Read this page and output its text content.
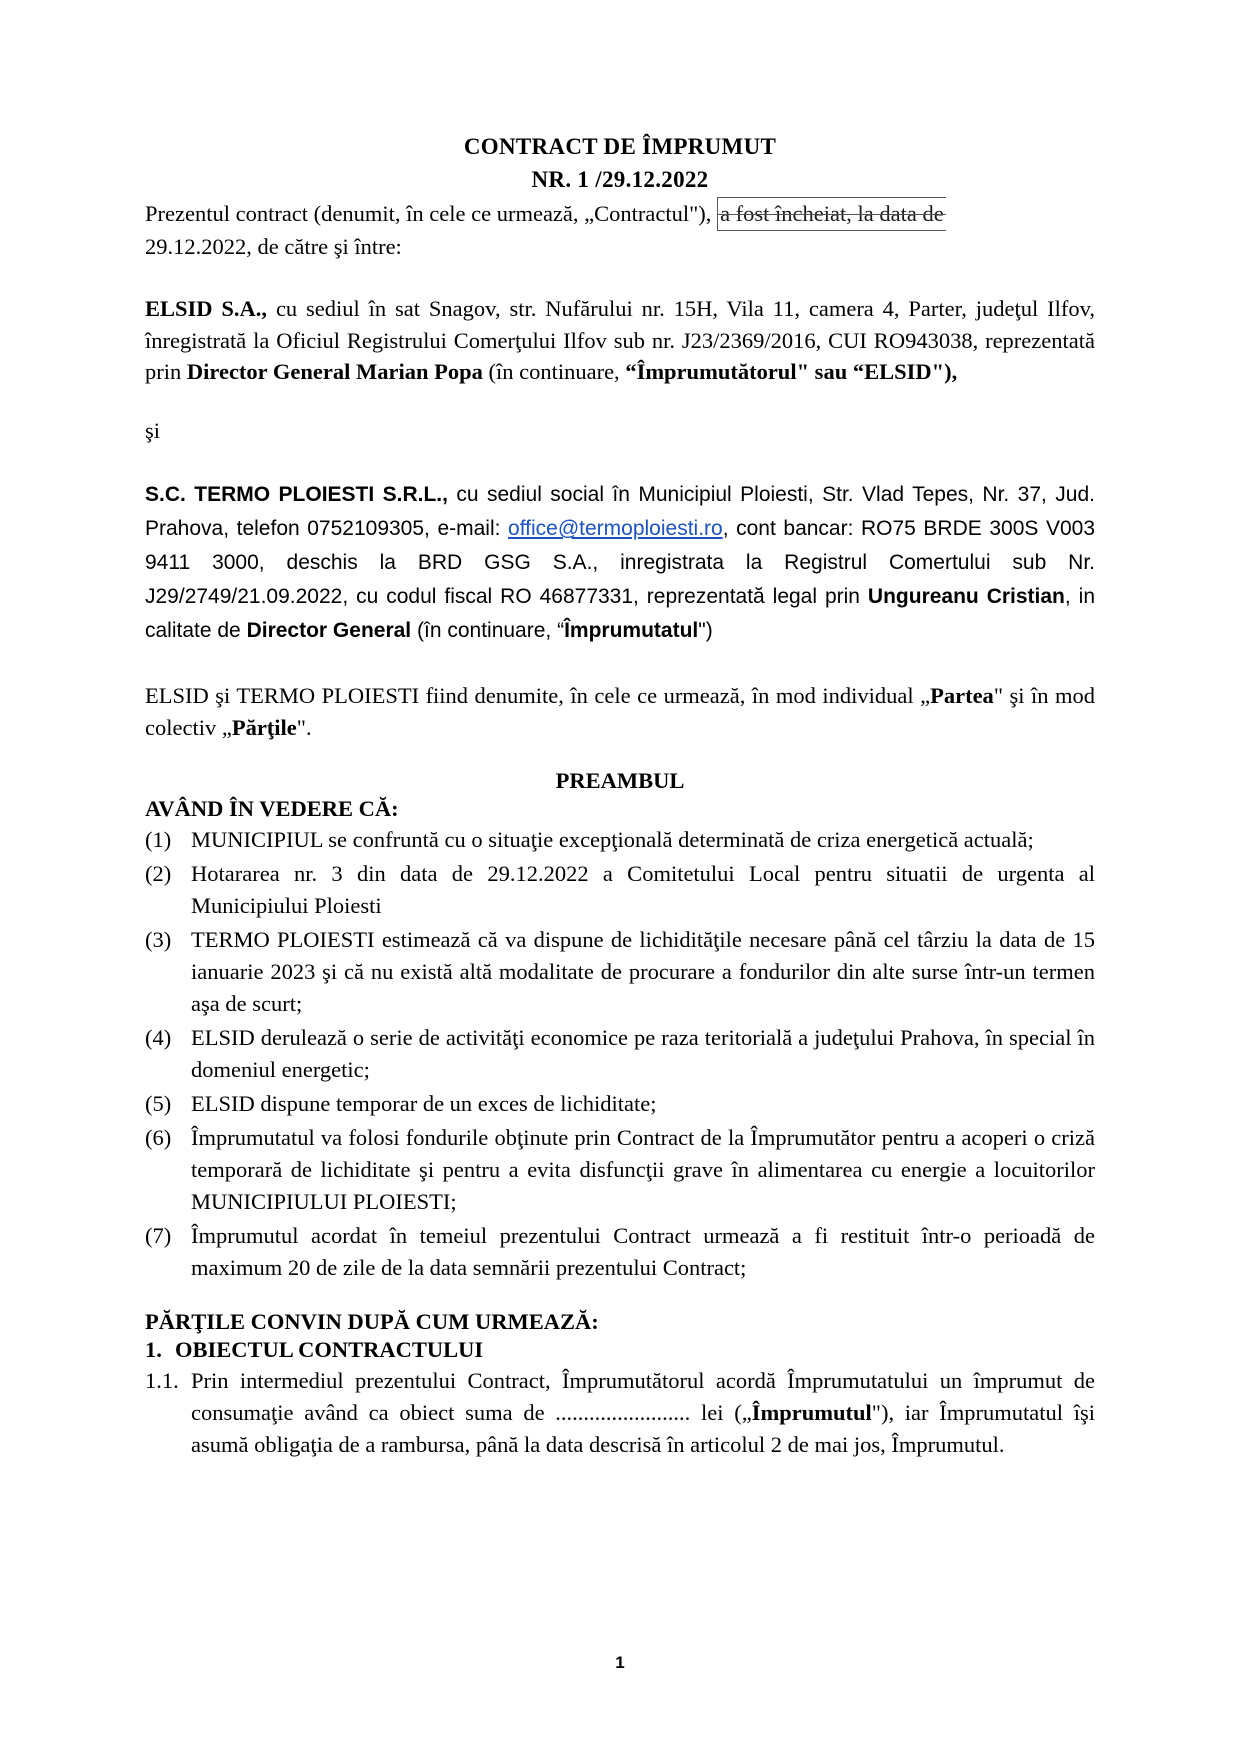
CONTRACT DE ÎMPRUMUT
NR. 1 /29.12.2022

Prezentul contract (denumit, în cele ce urmează, „Contractul"), a fost încheiat, la data de
29.12.2022, de către şi între:

ELSID S.A., cu sediul în sat Snagov, str. Nufărului nr. 15H, Vila 11, camera 4, Parter, judeţul Ilfov, înregistrată la Oficiul Registrului Comerţului Ilfov sub nr. J23/2369/2016, CUI RO943038, reprezentată prin Director General Marian Popa (în continuare, “Împrumutătorul" sau “ELSID"),

şi

S.C. TERMO PLOIESTI S.R.L., cu sediul social în Municipiul Ploiesti, Str. Vlad Tepes, Nr. 37, Jud. Prahova, telefon 0752109305, e-mail: office@termoploiesti.ro, cont bancar: RO75 BRDE 300S V003 9411 3000, deschis la BRD GSG S.A., inregistrata la Registrul Comertului sub Nr. J29/2749/21.09.2022, cu codul fiscal RO 46877331, reprezentată legal prin Ungureanu Cristian, in calitate de Director General (în continuare, “Împrumutatul")

ELSID şi TERMO PLOIESTI fiind denumite, în cele ce urmează, în mod individual „Partea" şi în mod colectiv „Părţile".

PREAMBUL
AVÂND ÎN VEDERE CĂ:
(1) MUNICIPIUL se confruntă cu o situaţie excepţională determinată de criza energetică actuală;
(2) Hotararea nr. 3 din data de 29.12.2022 a Comitetului Local pentru situatii de urgenta al Municipiului Ploiesti
(3) TERMO PLOIESTI estimează că va dispune de lichidităţile necesare până cel târziu la data de 15 ianuarie 2023 şi că nu există altă modalitate de procurare a fondurilor din alte surse într-un termen aşa de scurt;
(4) ELSID derulează o serie de activităţi economice pe raza teritorială a judeţului Prahova, în special în domeniul energetic;
(5) ELSID dispune temporar de un exces de lichiditate;
(6) Împrumutatul va folosi fondurile obţinute prin Contract de la Împrumutător pentru a acoperi o criză temporară de lichiditate şi pentru a evita disfuncţii grave în alimentarea cu energie a locuitorilor MUNICIPIULUI PLOIESTI;
(7) Împrumutul acordat în temeiul prezentului Contract urmează a fi restituit într-o perioadă de maximum 20 de zile de la data semnării prezentului Contract;
PĂRŢILE CONVIN DUPĂ CUM URMEAZĂ:
1. OBIECTUL CONTRACTULUI
1.1. Prin intermediul prezentului Contract, Împrumutătorul acordă Împrumutatului un împrumut de consumaţie având ca obiect suma de ........................ lei („Împrumutul"), iar Împrumutatul îşi asumă obligaţia de a rambursa, până la data descrisă în articolul 2 de mai jos, Împrumutul.
1
